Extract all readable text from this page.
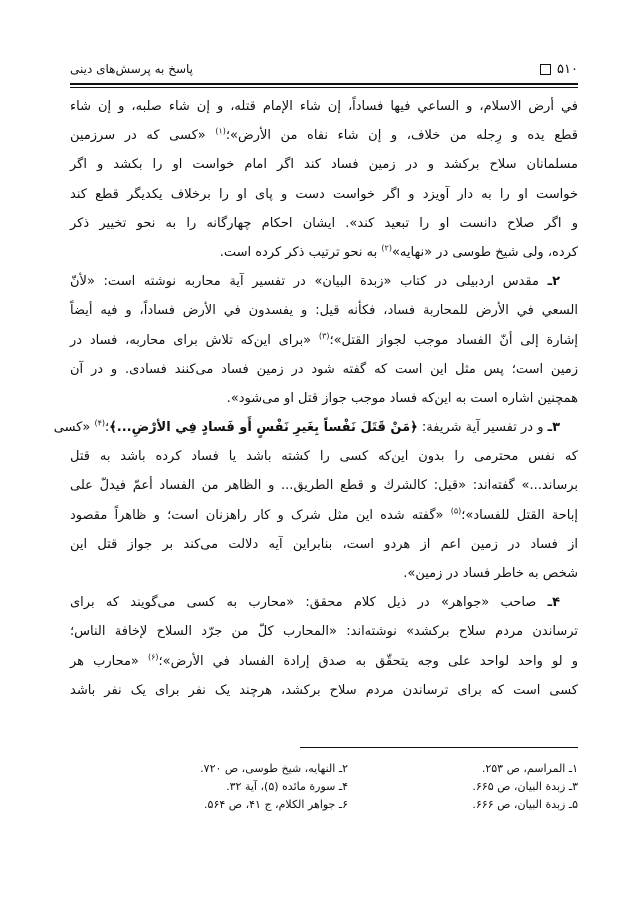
پاسخ به پرسش‌های دینی	۵۱۰
في أرض الاسلام، و الساعي فيها فساداً، إن شاء الإمام قتله، و إن شاء صلبه، و إن شاء
قطع يده و رِجله من خلاف، و إن شاء نفاه من الأرض»؛$^{(۱)}$ «کسی که در سرزمین
مسلمانان سلاح برکشد و در زمین فساد کند اگر امام خواست او را بکشد و اگر
خواست او را به دار آویزد و اگر خواست دست و پای او را برخلاف یکدیگر قطع کند
و اگر صلاح دانست او را تبعید کند». ایشان احکام چهارگانه را به نحو تخییر ذکر
کرده، ولی شیخ طوسی در «نهایه»$^{(۲)}$ به نحو ترتیب ذکر کرده است.
۲ـ مقدس اردبیلی در کتاب «زبدة البیان» در تفسیر آیة محاربه نوشته است: «لأنّ
السعي في الأرض للمحاربة فساد، فكأنه قيل: و يفسدون في الأرض فساداً، و فيه أيضاً
إشارة إلى أنّ الفساد موجب لجواز القتل»؛$^{(۳)}$ «برای این‌که تلاش برای محاربه، فساد در
زمین است؛ پس مثل این است که گفته شود در زمین فساد می‌کنند فسادی. و در آن
همچنین اشاره است به این‌که فساد موجب جواز قتل او می‌شود».
۳ـ و در تفسیر آیة شریفة: ﴿مَنْ قَتَلَ نَفْساً بِغَيرِ نَفْسٍ أَو فَسادٍ فِي الأرْضِ...﴾؛$^{(۴)}$ «کسی
که نفس محترمی را بدون این‌که کسی را کشته باشد یا فساد کرده باشد به قتل
برساند...» گفته‌اند: «قيل: كالشرك و قطع الطريق... و الظاهر من الفساد أعمّ فيدلّ على
إباحة القتل للفساد»؛$^{(۵)}$ «گفته شده این مثل شرک و کار راهزنان است؛ و ظاهراً مقصود
از فساد در زمین اعم از هردو است، بنابراین آیه دلالت می‌کند بر جواز قتل این
شخص به خاطر فساد در زمین».
۴ـ صاحب «جواهر» در ذیل کلام محقق: «محارب به کسی می‌گویند که برای
ترساندن مردم سلاح برکشد» نوشته‌اند: «المحارب كلّ من جرّد السلاح لإخافة الناس؛
و لو واحد لواحد على وجه يتحقّق به صدق إرادة الفساد في الأرض»؛$^{(۶)}$ «محارب هر
کسی است که برای ترساندن مردم سلاح برکشد، هرچند یک نفر برای یک نفر باشد
۱ـ المراسم، ص ۲۵۳.
۲ـ النهایه، شیخ طوسی، ص ۷۲۰.
۳ـ زبدة البیان، ص ۶۶۵.
۴ـ سورة مائده (۵)، آیة ۳۲.
۵ـ زبدة البیان، ص ۶۶۶.
۶ـ جواهر الکلام، ج ۴۱، ص ۵۶۴.
